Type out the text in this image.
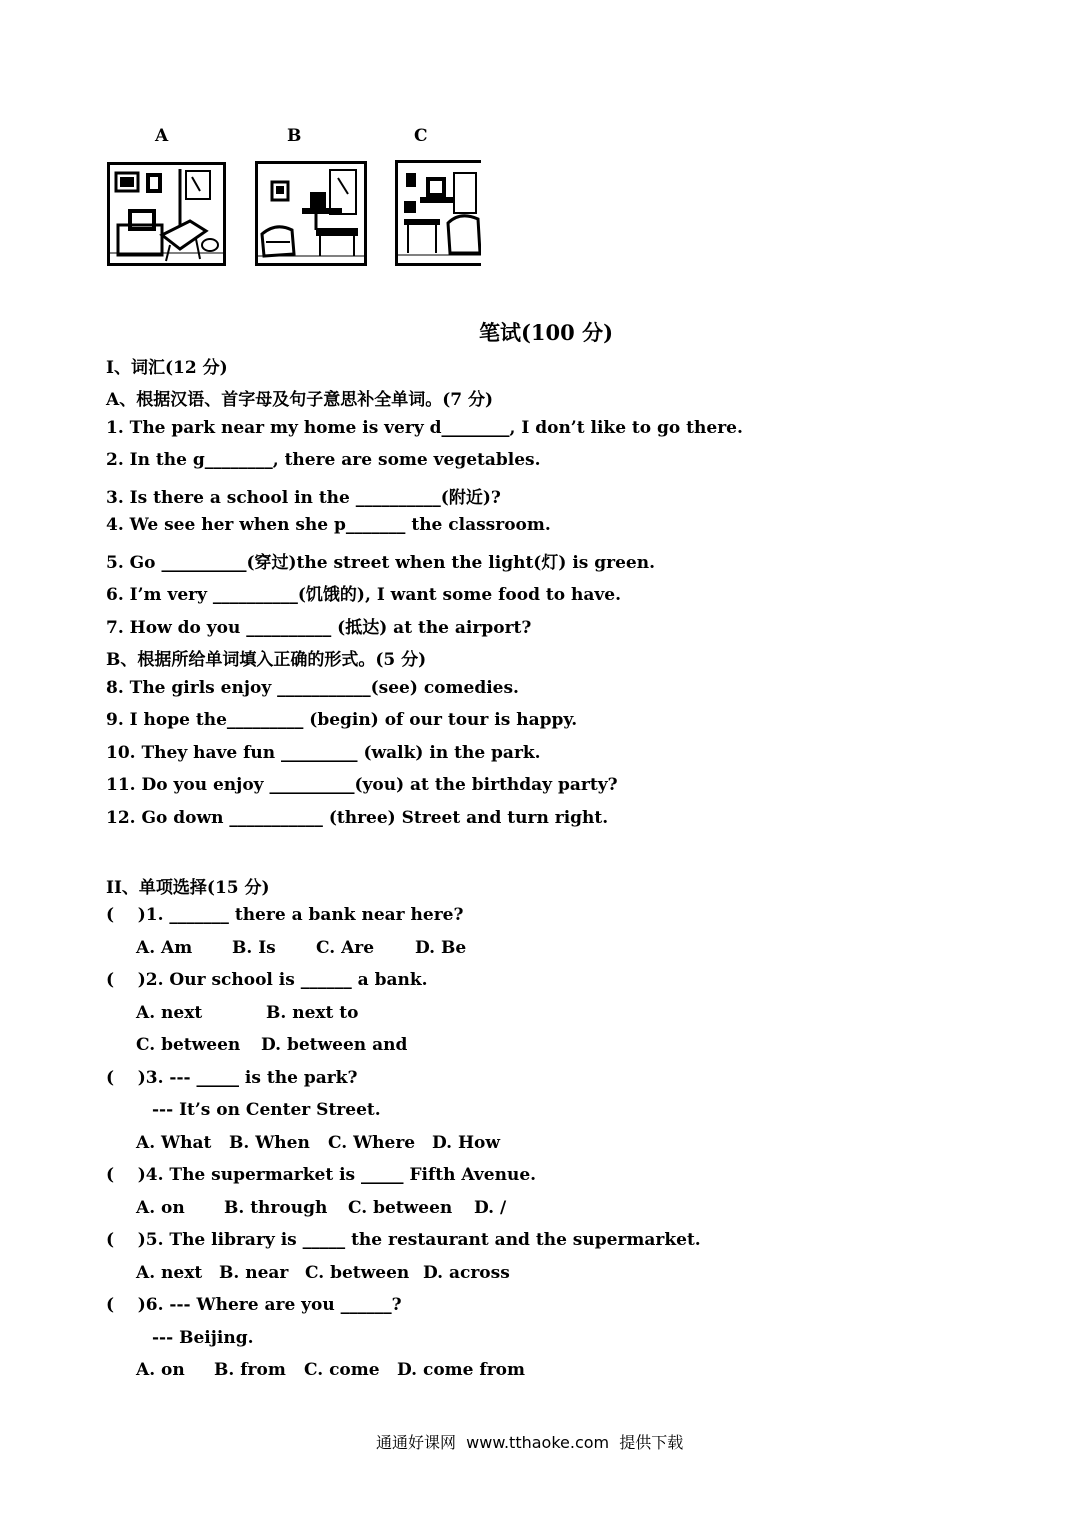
A	B	C
笔试(100 分)
I、词汇(12 分)
A、根据汉语、首字母及句子意思补全单词。(7 分)
1. The park near my home is very d________, I don’t like to go there.
2. In the g________, there are some vegetables.
3. Is there a school in the __________(附近)?
4. We see her when she p_______ the classroom.
5. Go __________(穿过)the street when the light(灯) is green.
6. I’m very __________(饥饿的), I want some food to have.
7. How do you __________ (抵达) at the airport?
B、根据所给单词填入正确的形式。(5 分)
8. The girls enjoy ___________(see) comedies.
9. I hope the_________ (begin) of our tour is happy.
10. They have fun _________ (walk) in the park.
11. Do you enjoy __________(you) at the birthday party?
12. Go down ___________ (three) Street and turn right.
II、单项选择(15 分)
(    )1. _______ there a bank near here?
A. Am B. Is C. Are D. Be
(    )2. Our school is ______ a bank.
A. next	B. next to
C. between D. between and
(    )3. --- _____ is the park?
--- It’s on Center Street.
A. What B. When C. Where D. How
(    )4. The supermarket is _____ Fifth Avenue.
A. on B. through C. between D. /
(    )5. The library is _____ the restaurant and the supermarket.
A. next B. near C. between D. across
(    )6. --- Where are you ______?
--- Beijing.
A. on B. from C. come D. come from
通通好课网  www.tthaoke.com  提供下载
